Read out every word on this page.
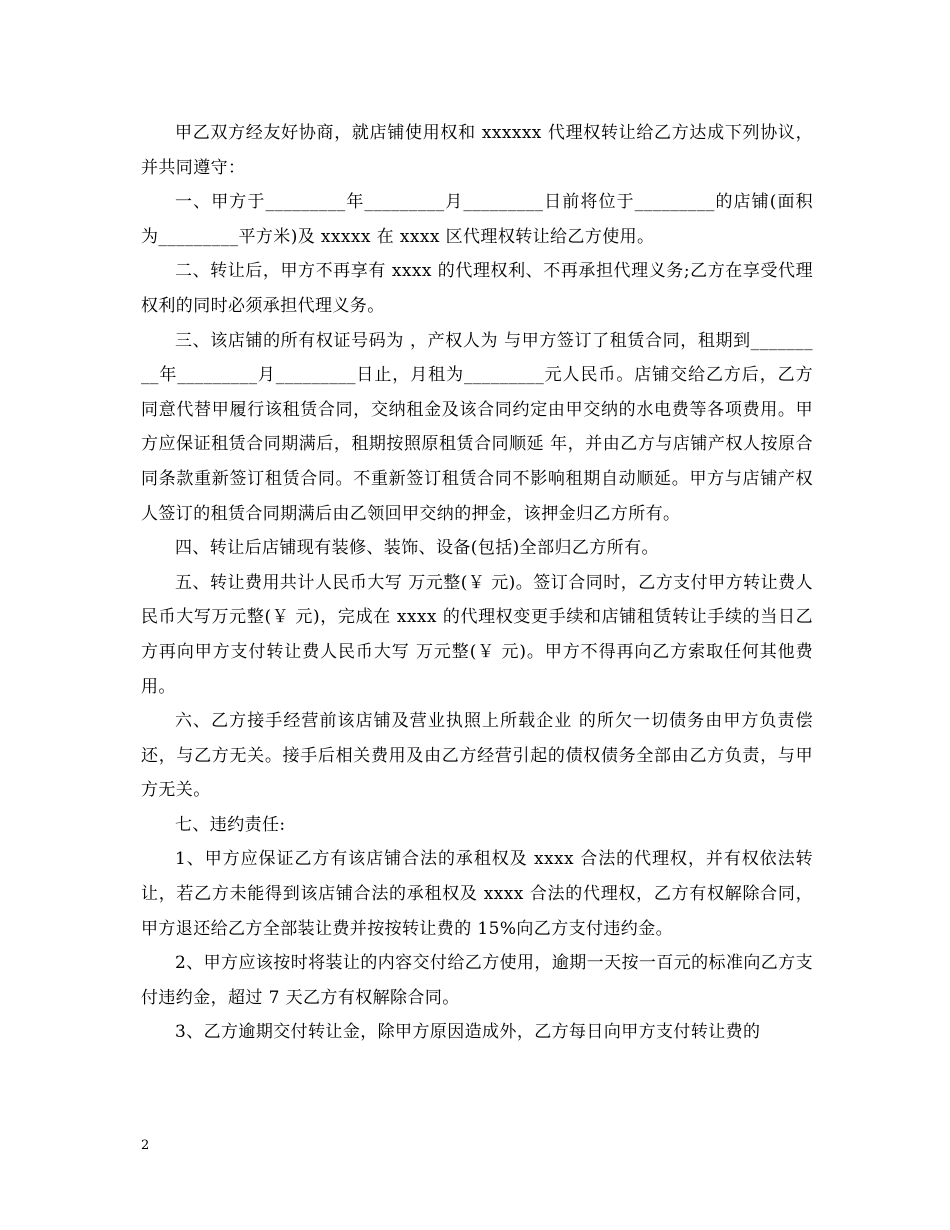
甲乙双方经友好协商，就店铺使用权和 xxxxxx 代理权转让给乙方达成下列协议，并共同遵守：

一、甲方于_________年_________月_________日前将位于_________的店铺(面积为_________平方米)及 xxxxx 在 xxxx 区代理权转让给乙方使用。

二、转让后，甲方不再享有 xxxx 的代理权利、不再承担代理义务;乙方在享受代理权利的同时必须承担代理义务。

三、该店铺的所有权证号码为 ，产权人为 与甲方签订了租赁合同，租期到_________年_________月_________日止，月租为_________元人民币。店铺交给乙方后，乙方同意代替甲履行该租赁合同，交纳租金及该合同约定由甲交纳的水电费等各项费用。甲方应保证租赁合同期满后，租期按照原租赁合同顺延 年，并由乙方与店铺产权人按原合同条款重新签订租赁合同。不重新签订租赁合同不影响租期自动顺延。甲方与店铺产权人签订的租赁合同期满后由乙领回甲交纳的押金，该押金归乙方所有。

四、转让后店铺现有装修、装饰、设备(包括)全部归乙方所有。

五、转让费用共计人民币大写 万元整(￥ 元)。签订合同时，乙方支付甲方转让费人民币大写万元整(￥ 元)，完成在 xxxx 的代理权变更手续和店铺租赁转让手续的当日乙方再向甲方支付转让费人民币大写 万元整(￥ 元)。甲方不得再向乙方索取任何其他费用。

六、乙方接手经营前该店铺及营业执照上所载企业 的所欠一切债务由甲方负责偿还，与乙方无关。接手后相关费用及由乙方经营引起的债权债务全部由乙方负责，与甲方无关。

七、违约责任:

1、甲方应保证乙方有该店铺合法的承租权及 xxxx 合法的代理权，并有权依法转让，若乙方未能得到该店铺合法的承租权及 xxxx 合法的代理权，乙方有权解除合同，甲方退还给乙方全部装让费并按按转让费的 15%向乙方支付违约金。

2、甲方应该按时将装让的内容交付给乙方使用，逾期一天按一百元的标准向乙方支付违约金，超过 7 天乙方有权解除合同。

3、乙方逾期交付转让金，除甲方原因造成外，乙方每日向甲方支付转让费的

2
